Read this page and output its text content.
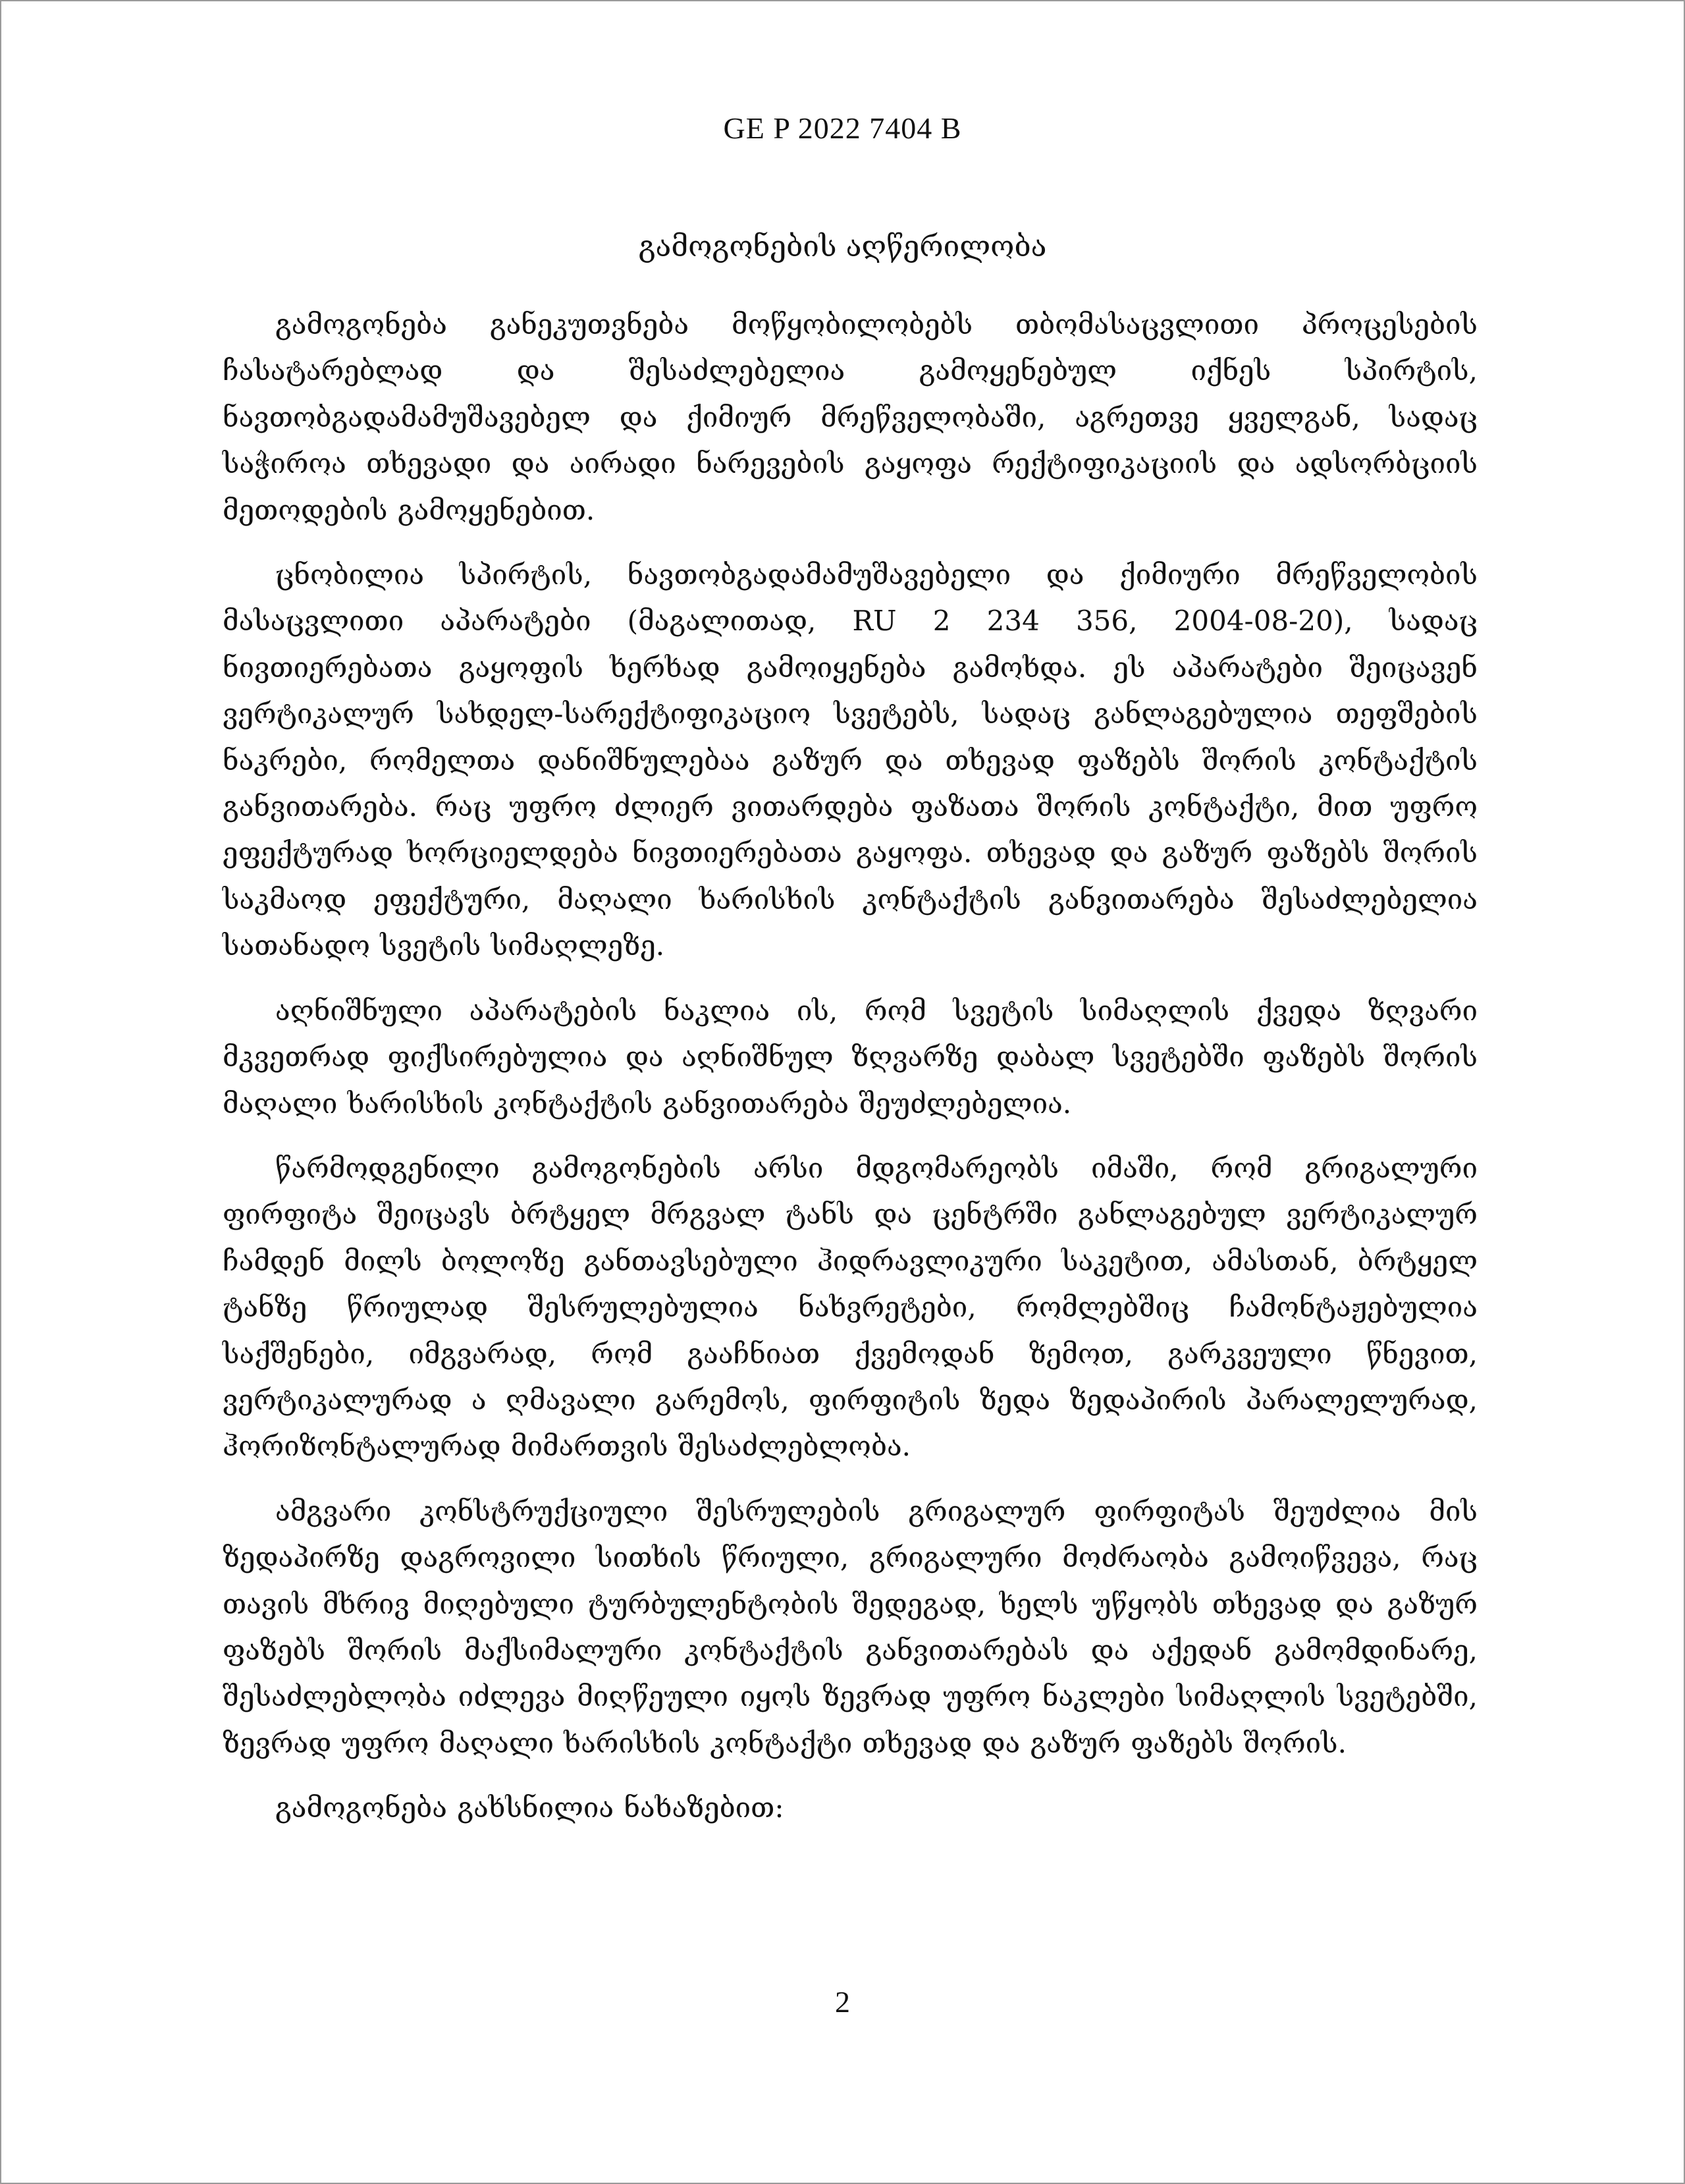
GE P 2022 7404 B
გამოგონების აღწერილობა

გამოგონება განეკუთვნება მოწყობილობებს თბომასაცვლითი პროცესების ჩასატარებლად და შესაძლებელია გამოყენებულ იქნეს სპირტის, ნავთობგადამამუშავებელ და ქიმიურ მრეწველობაში, აგრეთვე ყველგან, სადაც საჭიროა თხევადი და აირადი ნარევების გაყოფა რექტიფიკაციის და ადსორბციის მეთოდების გამოყენებით.

ცნობილია სპირტის, ნავთობგადამამუშავებელი და ქიმიური მრეწველობის მასაცვლითი აპარატები (მაგალითად, RU 2 234 356, 2004-08-20), სადაც ნივთიერებათა გაყოფის ხერხად გამოიყენება გამოხდა. ეს აპარატები შეიცავენ ვერტიკალურ სახდელ-სარექტიფიკაციო სვეტებს, სადაც განლაგებულია თეფშების ნაკრები, რომელთა დანიშნულებაა გაზურ და თხევად ფაზებს შორის კონტაქტის განვითარება. რაც უფრო ძლიერ ვითარდება ფაზათა შორის კონტაქტი, მით უფრო ეფექტურად ხორციელდება ნივთიერებათა გაყოფა. თხევად და გაზურ ფაზებს შორის საკმაოდ ეფექტური, მაღალი ხარისხის კონტაქტის განვითარება შესაძლებელია სათანადო სვეტის სიმაღლეზე.

აღნიშნული აპარატების ნაკლია ის, რომ სვეტის სიმაღლის ქვედა ზღვარი მკვეთრად ფიქსირებულია და აღნიშნულ ზღვარზე დაბალ სვეტებში ფაზებს შორის მაღალი ხარისხის კონტაქტის განვითარება შეუძლებელია.

წარმოდგენილი გამოგონების არსი მდგომარეობს იმაში, რომ გრიგალური ფირფიტა შეიცავს ბრტყელ მრგვალ ტანს და ცენტრში განლაგებულ ვერტიკალურ ჩამდენ მილს ბოლოზე განთავსებული ჰიდრავლიკური საკეტით, ამასთან, ბრტყელ ტანზე წრიულად შესრულებულია ნახვრეტები, რომლებშიც ჩამონტაჟებულია საქშენები, იმგვარად, რომ გააჩნიათ ქვემოდან ზემოთ, გარკვეული წნევით, ვერტიკალურად ა ღმავალი გარემოს, ფირფიტის ზედა ზედაპირის პარალელურად, ჰორიზონტალურად მიმართვის შესაძლებლობა.

ამგვარი კონსტრუქციული შესრულების გრიგალურ ფირფიტას შეუძლია მის ზედაპირზე დაგროვილი სითხის წრიული, გრიგალური მოძრაობა გამოიწვევა, რაც თავის მხრივ მიღებული ტურბულენტობის შედეგად, ხელს უწყობს თხევად და გაზურ ფაზებს შორის მაქსიმალური კონტაქტის განვითარებას და აქედან გამომდინარე, შესაძლებლობა იძლევა მიღწეული იყოს ზევრად უფრო ნაკლები სიმაღლის სვეტებში, ზევრად უფრო მაღალი ხარისხის კონტაქტი თხევად და გაზურ ფაზებს შორის.

გამოგონება გახსნილია ნახაზებით:

2
